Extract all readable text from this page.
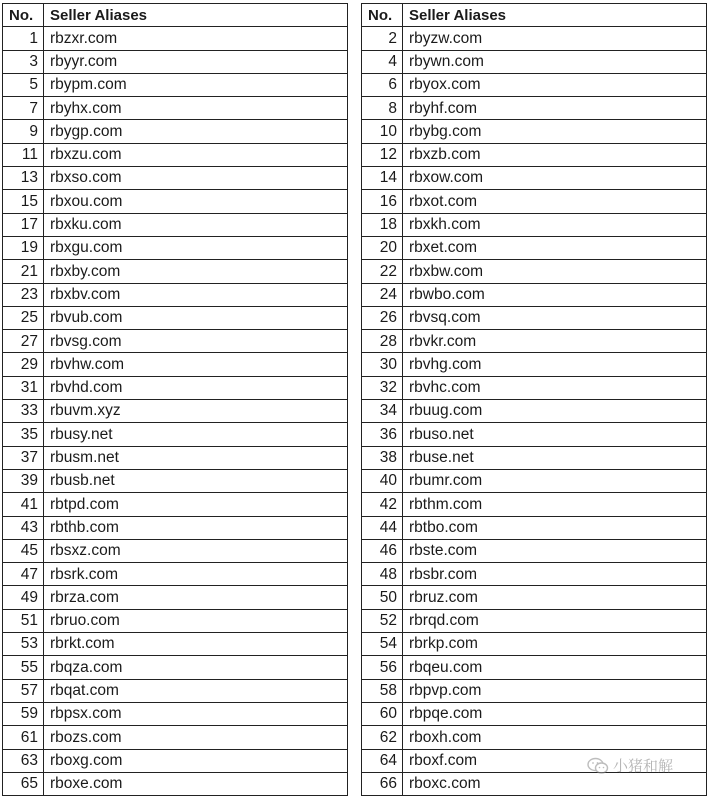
No.	Seller Aliases
1	rbzxr.com
3	rbyyr.com
5	rbypm.com
7	rbyhx.com
9	rbygp.com
11	rbxzu.com
13	rbxso.com
15	rbxou.com
17	rbxku.com
19	rbxgu.com
21	rbxby.com
23	rbxbv.com
25	rbvub.com
27	rbvsg.com
29	rbvhw.com
31	rbvhd.com
33	rbuvm.xyz
35	rbusy.net
37	rbusm.net
39	rbusb.net
41	rbtpd.com
43	rbthb.com
45	rbsxz.com
47	rbsrk.com
49	rbrza.com
51	rbruo.com
53	rbrkt.com
55	rbqza.com
57	rbqat.com
59	rbpsx.com
61	rbozs.com
63	rboxg.com
65	rboxe.com
No.	Seller Aliases
2	rbyzw.com
4	rbywn.com
6	rbyox.com
8	rbyhf.com
10	rbybg.com
12	rbxzb.com
14	rbxow.com
16	rbxot.com
18	rbxkh.com
20	rbxet.com
22	rbxbw.com
24	rbwbo.com
26	rbvsq.com
28	rbvkr.com
30	rbvhg.com
32	rbvhc.com
34	rbuug.com
36	rbuso.net
38	rbuse.net
40	rbumr.com
42	rbthm.com
44	rbtbo.com
46	rbste.com
48	rbsbr.com
50	rbruz.com
52	rbrqd.com
54	rbrkp.com
56	rbqeu.com
58	rbpvp.com
60	rbpqe.com
62	rboxh.com
64	rboxf.com
66	rboxc.com
小猪和解
